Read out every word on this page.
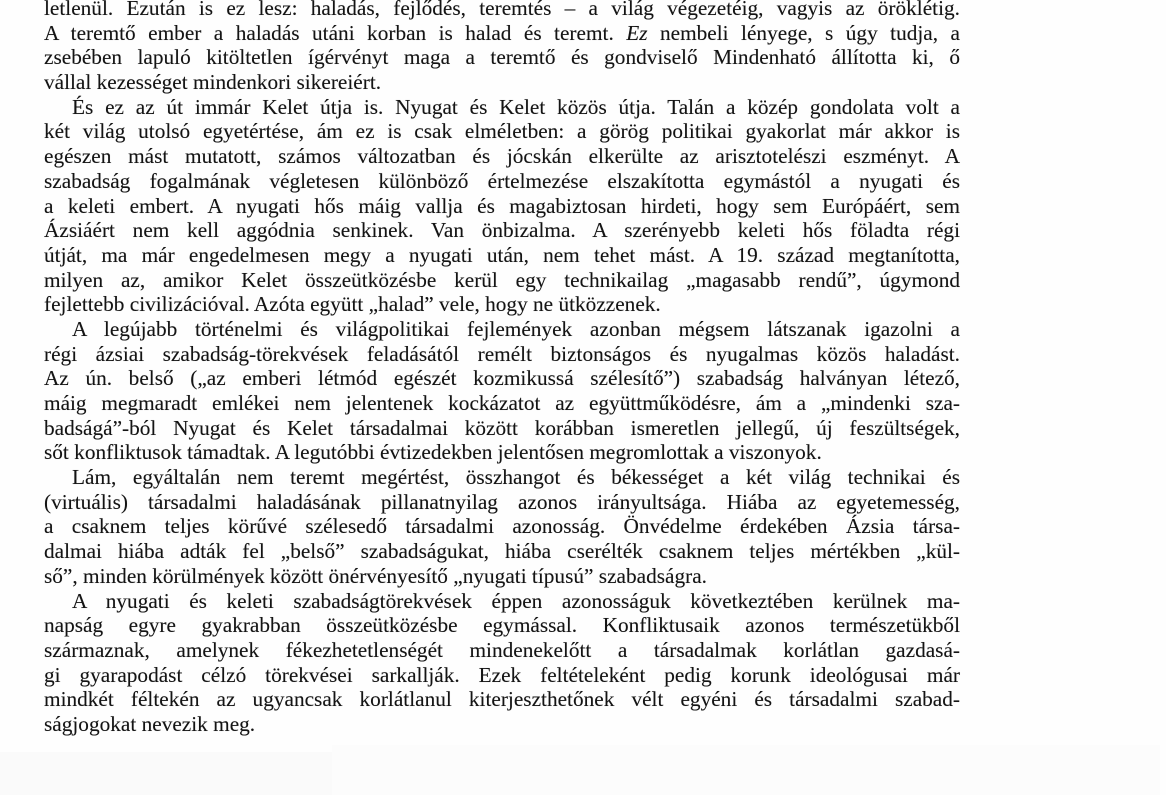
letlenül. Ezután is ez lesz: haladás, fejlődés, teremtés – a világ végezetéig, vagyis az öröklétig.
A teremtő ember a haladás utáni korban is halad és teremt. Ez nembeli lényege, s úgy tudja, a
zsebében lapuló kitöltetlen ígérvényt maga a teremtő és gondviselő Mindenható állította ki, ő
vállal kezességet mindenkori sikereiért.
És ez az út immár Kelet útja is. Nyugat és Kelet közös útja. Talán a közép gondolata volt a
két világ utolsó egyetértése, ám ez is csak elméletben: a görög politikai gyakorlat már akkor is
egészen mást mutatott, számos változatban és jócskán elkerülte az arisztotelészi eszményt. A
szabadság fogalmának végletesen különböző értelmezése elszakította egymástól a nyugati és
a keleti embert. A nyugati hős máig vallja és magabiztosan hirdeti, hogy sem Európáért, sem
Ázsiáért nem kell aggódnia senkinek. Van önbizalma. A szerényebb keleti hős föladta régi
útját, ma már engedelmesen megy a nyugati után, nem tehet mást. A 19. század megtanította,
milyen az, amikor Kelet összeütközésbe kerül egy technikailag „magasabb rendű”, úgymond
fejlettebb civilizációval. Azóta együtt „halad” vele, hogy ne ütközzenek.
A legújabb történelmi és világpolitikai fejlemények azonban mégsem látszanak igazolni a
régi ázsiai szabadság-törekvések feladásától remélt biztonságos és nyugalmas közös haladást.
Az ún. belső („az emberi létmód egészét kozmikussá szélesítő”) szabadság halványan létező,
máig megmaradt emlékei nem jelentenek kockázatot az együttműködésre, ám a „mindenki sza-
badságá”-ból Nyugat és Kelet társadalmai között korábban ismeretlen jellegű, új feszültségek,
sőt konfliktusok támadtak. A legutóbbi évtizedekben jelentősen megromlottak a viszonyok.
Lám, egyáltalán nem teremt megértést, összhangot és békességet a két világ technikai és
(virtuális) társadalmi haladásának pillanatnyilag azonos irányultsága. Hiába az egyetemesség,
a csaknem teljes körűvé szélesedő társadalmi azonosság. Önvédelme érdekében Ázsia társa-
dalmai hiába adták fel „belső” szabadságukat, hiába cserélték csaknem teljes mértékben „kül-
ső”, minden körülmények között önérvényesítő „nyugati típusú” szabadságra.
A nyugati és keleti szabadságtörekvések éppen azonosságuk következtében kerülnek ma-
napság egyre gyakrabban összeütközésbe egymással. Konfliktusaik azonos természetükből
származnak, amelynek fékezhetetlenségét mindenekelőtt a társadalmak korlátlan gazdasá-
gi gyarapodást célzó törekvései sarkallják. Ezek feltételeként pedig korunk ideológusai már
mindkét féltekén az ugyancsak korlátlanul kiterjeszthetőnek vélt egyéni és társadalmi szabad-
ságjogokat nevezik meg.
